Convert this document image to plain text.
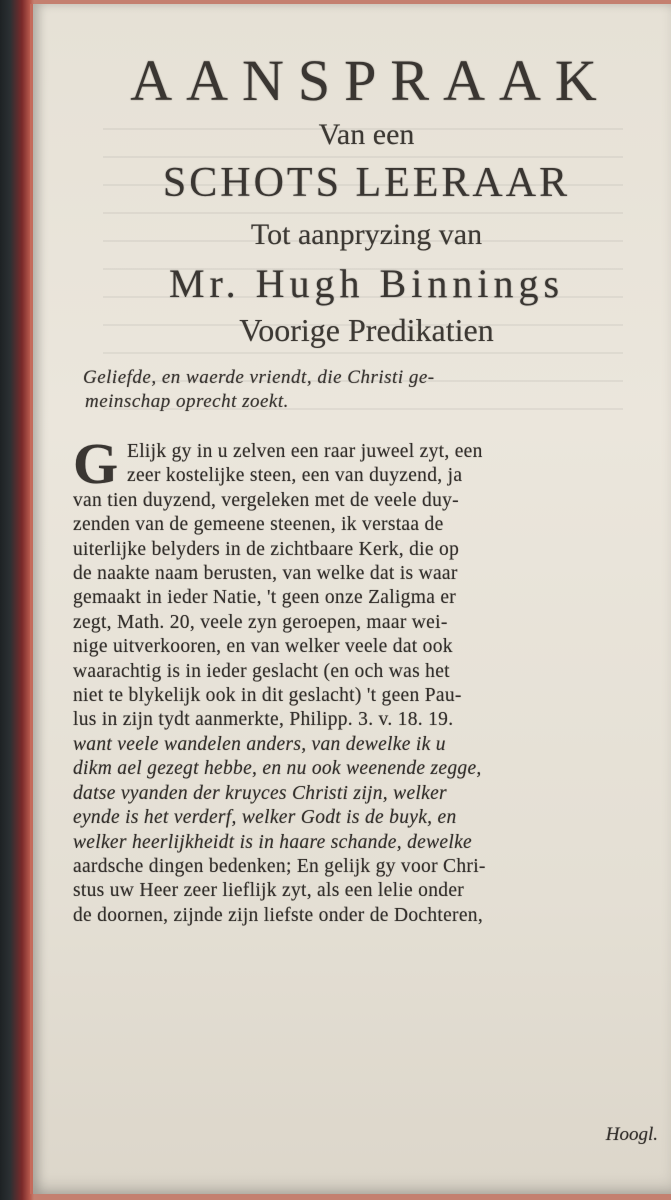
AANSPRAAK
Van een
SCHOTS LEERAAR
Tot aanpryzing van
Mr. Hugh Binnings
Voorige Predikatien
Geliefde, en waerde vriendt, die Christi ge-
meinschap oprecht zoekt.
G Elijk gy in u zelven een raar juweel zyt, een
zeer kostelijke steen, een van duyzend, ja
van tien duyzend, vergeleken met de veele duy-
zenden van de gemeene steenen, ik verstaa de
uiterlijke belyders in de zichtbaare Kerk, die op
de naakte naam berusten, van welke dat is waar
gemaakt in ieder Natie, 't geen onze Zaligma er
zegt, Math. 20, veele zyn geroepen, maar wei-
nige uitverkooren, en van welker veele dat ook
waarachtig is in ieder geslacht (en och was het
niet te blykelijk ook in dit geslacht) 't geen Pau-
lus in zijn tydt aanmerkte, Philipp. 3. v. 18. 19.
want veele wandelen anders, van dewelke ik u
dikm ael gezegt hebbe, en nu ook weenende zegge,
datse vyanden der kruyces Christi zijn, welker
eynde is het verderf, welker Godt is de buyk, en
welker heerlijkheidt is in haare schande, dewelke
aardsche dingen bedenken; En gelijk gy voor Chri-
stus uw Heer zeer lieflijk zyt, als een lelie onder
de doornen, zijnde zijn liefste onder de Dochteren,
Hoogl.
